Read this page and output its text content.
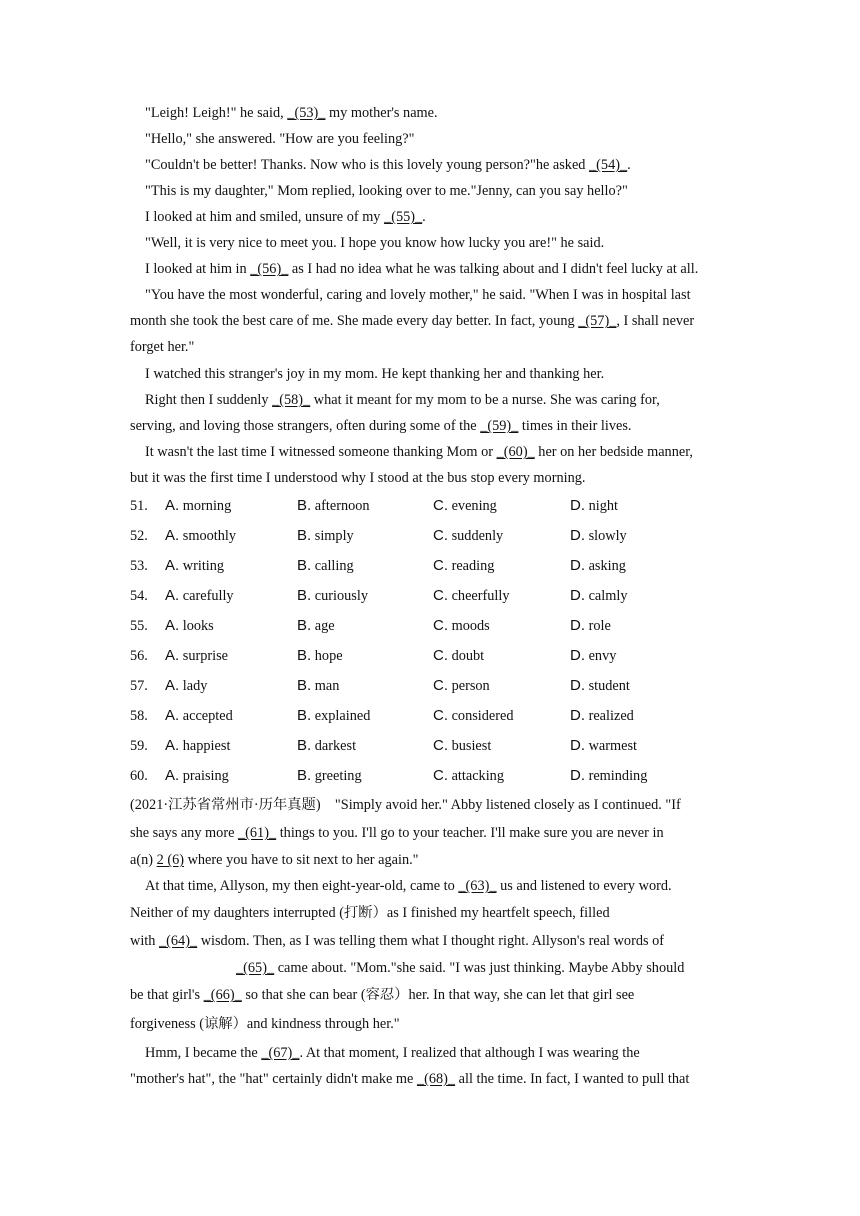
"Leigh! Leigh!" he said, _(53)_ my mother's name.
"Hello," she answered. "How are you feeling?"
"Couldn't be better! Thanks. Now who is this lovely young person?"he asked _(54)_.
"This is my daughter," Mom replied, looking over to me."Jenny, can you say hello?"
I looked at him and smiled, unsure of my _(55)_.
"Well, it is very nice to meet you. I hope you know how lucky you are!" he said.
I looked at him in _(56)_ as I had no idea what he was talking about and I didn't feel lucky at all.
"You have the most wonderful, caring and lovely mother," he said. "When I was in hospital last
month she took the best care of me. She made every day better. In fact, young _(57)_, I shall never
forget her."
I watched this stranger's joy in my mom. He kept thanking her and thanking her.
Right then I suddenly _(58)_ what it meant for my mom to be a nurse. She was caring for,
serving, and loving those strangers, often during some of the _(59)_ times in their lives.
It wasn't the last time I witnessed someone thanking Mom or _(60)_ her on her bedside manner,
but it was the first time I understood why I stood at the bus stop every morning.
51. A. morning	B. afternoon	C. evening	D. night
52. A. smoothly	B. simply	C. suddenly	D. slowly
53. A. writing	B. calling	C. reading	D. asking
54. A. carefully	B. curiously	C. cheerfully	D. calmly
55. A. looks	B. age	C. moods	D. role
56. A. surprise	B. hope	C. doubt	D. envy
57. A. lady	B. man	C. person	D. student
58. A. accepted	B. explained	C. considered	D. realized
59. A. happiest	B. darkest	C. busiest	D. warmest
60. A. praising	B. greeting	C. attacking	D. reminding
(2021·江苏省常州市·历年真题)    "Simply avoid her." Abby listened closely as I continued. "If
she says any more _(61)_ things to you. I'll go to your teacher. I'll make sure you are never in
a(n) 2 (6) where you have to sit next to her again."
At that time, Allyson, my then eight-year-old, came to _(63)_ us and listened to every word.
Neither of my daughters interrupted (打断）as I finished my heartfelt speech, filled
with _(64)_ wisdom. Then, as I was telling them what I thought right. Allyson's real words of
_(65)_ came about. "Mom."she said. "I was just thinking. Maybe Abby should
be that girl's _(66)_ so that she can bear (容忍）her. In that way, she can let that girl see
forgiveness (谅解）and kindness through her."
Hmm, I became the _(67)_. At that moment, I realized that although I was wearing the
"mother's hat", the "hat" certainly didn't make me _(68)_ all the time. In fact, I wanted to pull that
